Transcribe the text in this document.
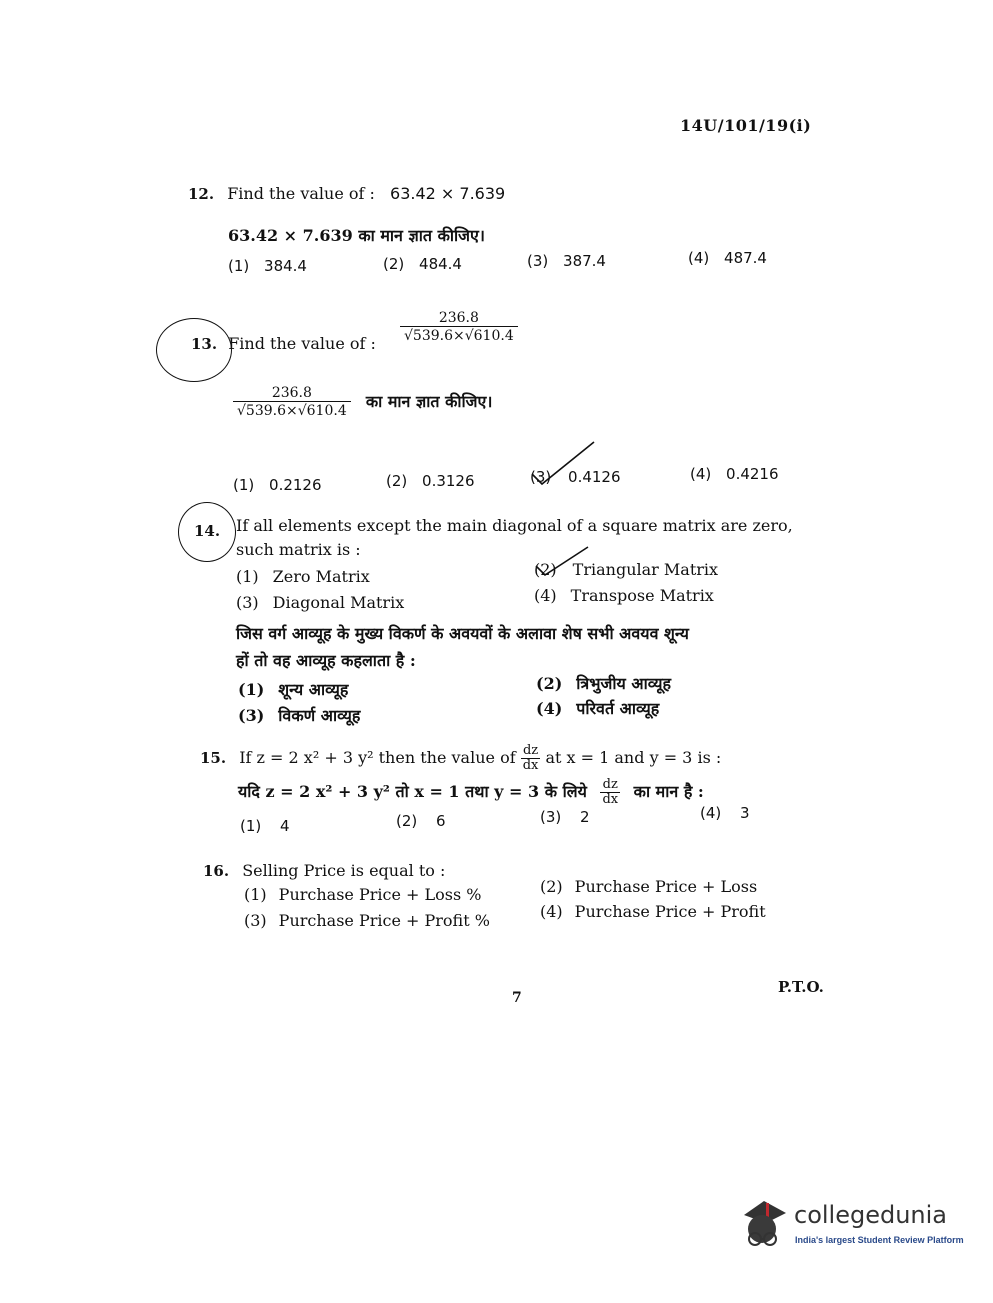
14U/101/19(i)
12. Find the value of : 63.42 × 7.639
63.42 × 7.639 का मान ज्ञात कीजिए।
(1) 384.4	(2) 484.4	(3) 387.4	(4) 487.4
13. Find the value of : $\frac{236.8}{√539.6\times√610.4}$
$\frac{236.8}{√539.6\times√610.4}$ का मान ज्ञात कीजिए।
(1) 0.2126	(2) 0.3126	(3) 0.4126	(4) 0.4216
14. If all elements except the main diagonal of a square matrix are zero,
such matrix is :
(1) Zero Matrix	(2) Triangular Matrix
(3) Diagonal Matrix	(4) Transpose Matrix
जिस वर्ग आव्यूह के मुख्य विकर्ण के अवयवों के अलावा शेष सभी अवयव शून्य
हों तो वह आव्यूह कहलाता है :
(1) शून्य आव्यूह	(2) त्रिभुजीय आव्यूह
(3) विकर्ण आव्यूह	(4) परिवर्त आव्यूह
15. If z = 2 x² + 3 y² then the value of $\frac{dz}{dx}$ at x = 1 and y = 3 is :
यदि z = 2 x² + 3 y² तो x = 1 तथा y = 3 के लिये $\frac{dz}{dx}$ का मान है :
(1) 4	(2) 6	(3) 2	(4) 3
16. Selling Price is equal to :
(1) Purchase Price + Loss %	(2) Purchase Price + Loss
(3) Purchase Price + Profit %	(4) Purchase Price + Profit
7
P.T.O.
collegedunia
India's largest Student Review Platform
